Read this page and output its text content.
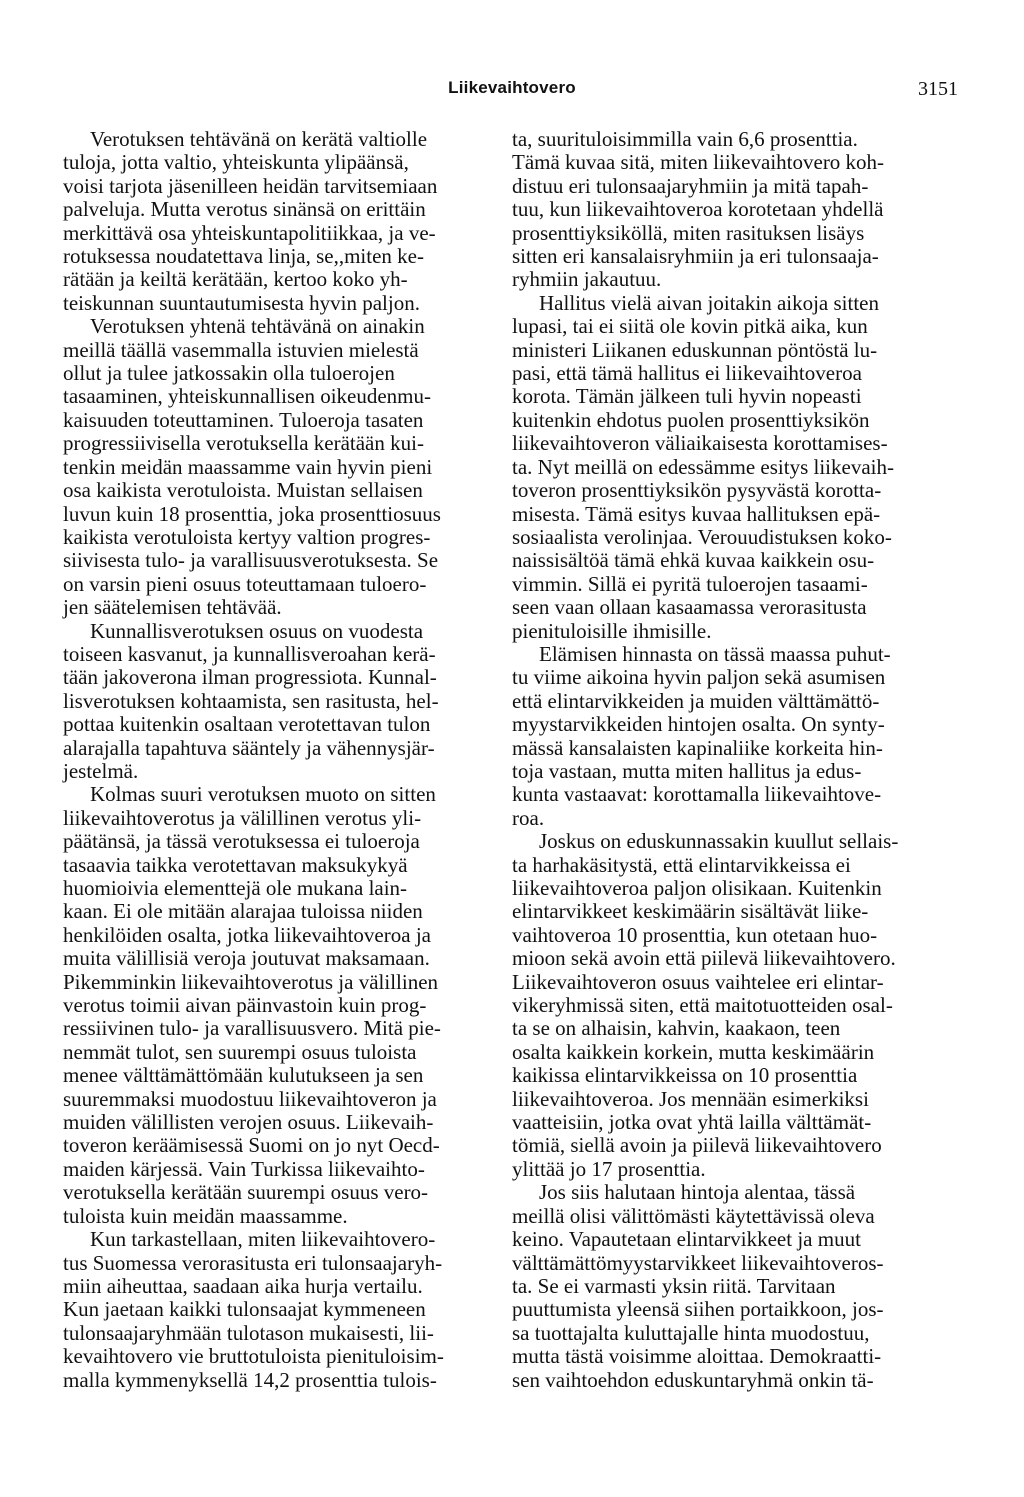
Liikevaihtovero	3151

Verotuksen tehtävänä on kerätä valtiolle
tuloja, jotta valtio, yhteiskunta ylipäänsä,
voisi tarjota jäsenilleen heidän tarvitsemiaan
palveluja. Mutta verotus sinänsä on erittäin
merkittävä osa yhteiskuntapolitiikkaa, ja ve-
rotuksessa noudatettava linja, se,,miten ke-
rätään ja keiltä kerätään, kertoo koko yh-
teiskunnan suuntautumisesta hyvin paljon.

Verotuksen yhtenä tehtävänä on ainakin
meillä täällä vasemmalla istuvien mielestä
ollut ja tulee jatkossakin olla tuloerojen
tasaaminen, yhteiskunnallisen oikeudenmu-
kaisuuden toteuttaminen. Tuloeroja tasaten
progressiivisella verotuksella kerätään kui-
tenkin meidän maassamme vain hyvin pieni
osa kaikista verotuloista. Muistan sellaisen
luvun kuin 18 prosenttia, joka prosenttiosuus
kaikista verotuloista kertyy valtion progres-
siivisesta tulo- ja varallisuusverotuksesta. Se
on varsin pieni osuus toteuttamaan tuloero-
jen säätelemisen tehtävää.

Kunnallisverotuksen osuus on vuodesta
toiseen kasvanut, ja kunnallisveroahan kerä-
tään jakoverona ilman progressiota. Kunnal-
lisverotuksen kohtaamista, sen rasitusta, hel-
pottaa kuitenkin osaltaan verotettavan tulon
alarajalla tapahtuva sääntely ja vähennysjär-
jestelmä.

Kolmas suuri verotuksen muoto on sitten
liikevaihtoverotus ja välillinen verotus yli-
päätänsä, ja tässä verotuksessa ei tuloeroja
tasaavia taikka verotettavan maksukykyä
huomioivia elementtejä ole mukana lain-
kaan. Ei ole mitään alarajaa tuloissa niiden
henkilöiden osalta, jotka liikevaihtoveroa ja
muita välillisiä veroja joutuvat maksamaan.
Pikemminkin liikevaihtoverotus ja välillinen
verotus toimii aivan päinvastoin kuin prog-
ressiivinen tulo- ja varallisuusvero. Mitä pie-
nemmät tulot, sen suurempi osuus tuloista
menee välttämättömään kulutukseen ja sen
suuremmaksi muodostuu liikevaihtoveron ja
muiden välillisten verojen osuus. Liikevaih-
toveron keräämisessä Suomi on jo nyt Oecd-
maiden kärjessä. Vain Turkissa liikevaihto-
verotuksella kerätään suurempi osuus vero-
tuloista kuin meidän maassamme.

Kun tarkastellaan, miten liikevaihtovero-
tus Suomessa verorasitusta eri tulonsaajaryh-
miin aiheuttaa, saadaan aika hurja vertailu.
Kun jaetaan kaikki tulonsaajat kymmeneen
tulonsaajaryhmään tulotason mukaisesti, lii-
kevaihtovero vie bruttotuloista pienituloisim-
malla kymmenyksellä 14,2 prosenttia tulois-

ta, suurituloisimmilla vain 6,6 prosenttia.
Tämä kuvaa sitä, miten liikevaihtovero koh-
distuu eri tulonsaajaryhmiin ja mitä tapah-
tuu, kun liikevaihtoveroa korotetaan yhdellä
prosenttiyksiköllä, miten rasituksen lisäys
sitten eri kansalaisryhmiin ja eri tulonsaaja-
ryhmiin jakautuu.

Hallitus vielä aivan joitakin aikoja sitten
lupasi, tai ei siitä ole kovin pitkä aika, kun
ministeri Liikanen eduskunnan pöntöstä lu-
pasi, että tämä hallitus ei liikevaihtoveroa
korota. Tämän jälkeen tuli hyvin nopeasti
kuitenkin ehdotus puolen prosenttiyksikön
liikevaihtoveron väliaikaisesta korottamises-
ta. Nyt meillä on edessämme esitys liikevaih-
toveron prosenttiyksikön pysyvästä korotta-
misesta. Tämä esitys kuvaa hallituksen epä-
sosiaalista verolinjaa. Verouudistuksen koko-
naissisältöä tämä ehkä kuvaa kaikkein osu-
vimmin. Sillä ei pyritä tuloerojen tasaami-
seen vaan ollaan kasaamassa verorasitusta
pienituloisille ihmisille.

Elämisen hinnasta on tässä maassa puhut-
tu viime aikoina hyvin paljon sekä asumisen
että elintarvikkeiden ja muiden välttämättö-
myystarvikkeiden hintojen osalta. On synty-
mässä kansalaisten kapinaliike korkeita hin-
toja vastaan, mutta miten hallitus ja edus-
kunta vastaavat: korottamalla liikevaihtove-
roa.

Joskus on eduskunnassakin kuullut sellais-
ta harhakäsitystä, että elintarvikkeissa ei
liikevaihtoveroa paljon olisikaan. Kuitenkin
elintarvikkeet keskimäärin sisältävät liike-
vaihtoveroa 10 prosenttia, kun otetaan huo-
mioon sekä avoin että piilevä liikevaihtovero.
Liikevaihtoveron osuus vaihtelee eri elintar-
vikeryhmissä siten, että maitotuotteiden osal-
ta se on alhaisin, kahvin, kaakaon, teen
osalta kaikkein korkein, mutta keskimäärin
kaikissa elintarvikkeissa on 10 prosenttia
liikevaihtoveroa. Jos mennään esimerkiksi
vaatteisiin, jotka ovat yhtä lailla välttämät-
tömiä, siellä avoin ja piilevä liikevaihtovero
ylittää jo 17 prosenttia.

Jos siis halutaan hintoja alentaa, tässä
meillä olisi välittömästi käytettävissä oleva
keino. Vapautetaan elintarvikkeet ja muut
välttämättömyystarvikkeet liikevaihtoveros-
ta. Se ei varmasti yksin riitä. Tarvitaan
puuttumista yleensä siihen portaikkoon, jos-
sa tuottajalta kuluttajalle hinta muodostuu,
mutta tästä voisimme aloittaa. Demokraatti-
sen vaihtoehdon eduskuntaryhmä onkin tä-
